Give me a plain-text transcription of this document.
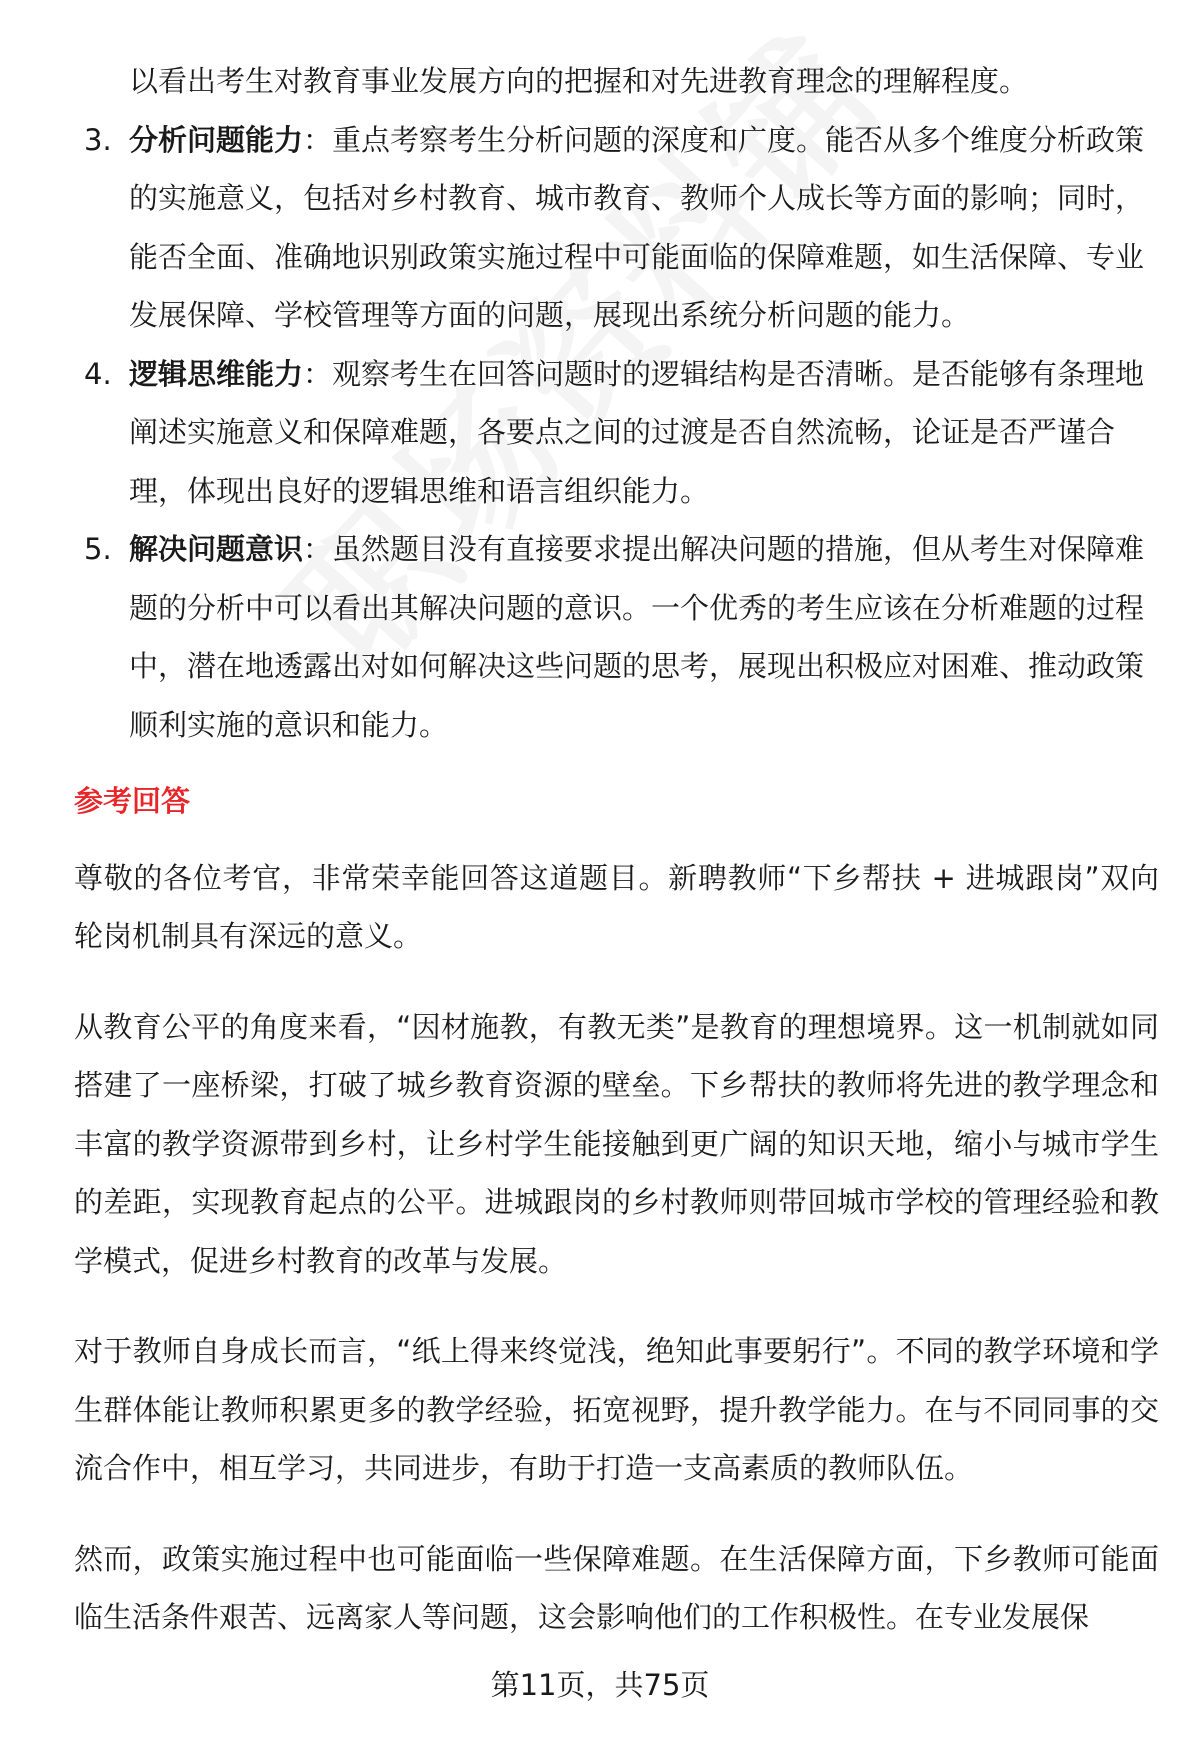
以看出考生对教育事业发展方向的把握和对先进教育理念的理解程度。
3. 分析问题能力：重点考察考生分析问题的深度和广度。能否从多个维度分析政策的实施意义，包括对乡村教育、城市教育、教师个人成长等方面的影响；同时，能否全面、准确地识别政策实施过程中可能面临的保障难题，如生活保障、专业发展保障、学校管理等方面的问题，展现出系统分析问题的能力。
4. 逻辑思维能力：观察考生在回答问题时的逻辑结构是否清晰。是否能够有条理地阐述实施意义和保障难题，各要点之间的过渡是否自然流畅，论证是否严谨合理，体现出良好的逻辑思维和语言组织能力。
5. 解决问题意识：虽然题目没有直接要求提出解决问题的措施，但从考生对保障难题的分析中可以看出其解决问题的意识。一个优秀的考生应该在分析难题的过程中，潜在地透露出对如何解决这些问题的思考，展现出积极应对困难、推动政策顺利实施的意识和能力。
参考回答

尊敬的各位考官，非常荣幸能回答这道题目。新聘教师“下乡帮扶 + 进城跟岗”双向轮岗机制具有深远的意义。

从教育公平的角度来看，“因材施教，有教无类”是教育的理想境界。这一机制就如同搭建了一座桥梁，打破了城乡教育资源的壁垒。下乡帮扶的教师将先进的教学理念和丰富的教学资源带到乡村，让乡村学生能接触到更广阔的知识天地，缩小与城市学生的差距，实现教育起点的公平。进城跟岗的乡村教师则带回城市学校的管理经验和教学模式，促进乡村教育的改革与发展。

对于教师自身成长而言，“纸上得来终觉浅，绝知此事要躬行”。不同的教学环境和学生群体能让教师积累更多的教学经验，拓宽视野，提升教学能力。在与不同同事的交流合作中，相互学习，共同进步，有助于打造一支高素质的教师队伍。

然而，政策实施过程中也可能面临一些保障难题。在生活保障方面，下乡教师可能面临生活条件艰苦、远离家人等问题，这会影响他们的工作积极性。在专业发展保

第11页，共75页
